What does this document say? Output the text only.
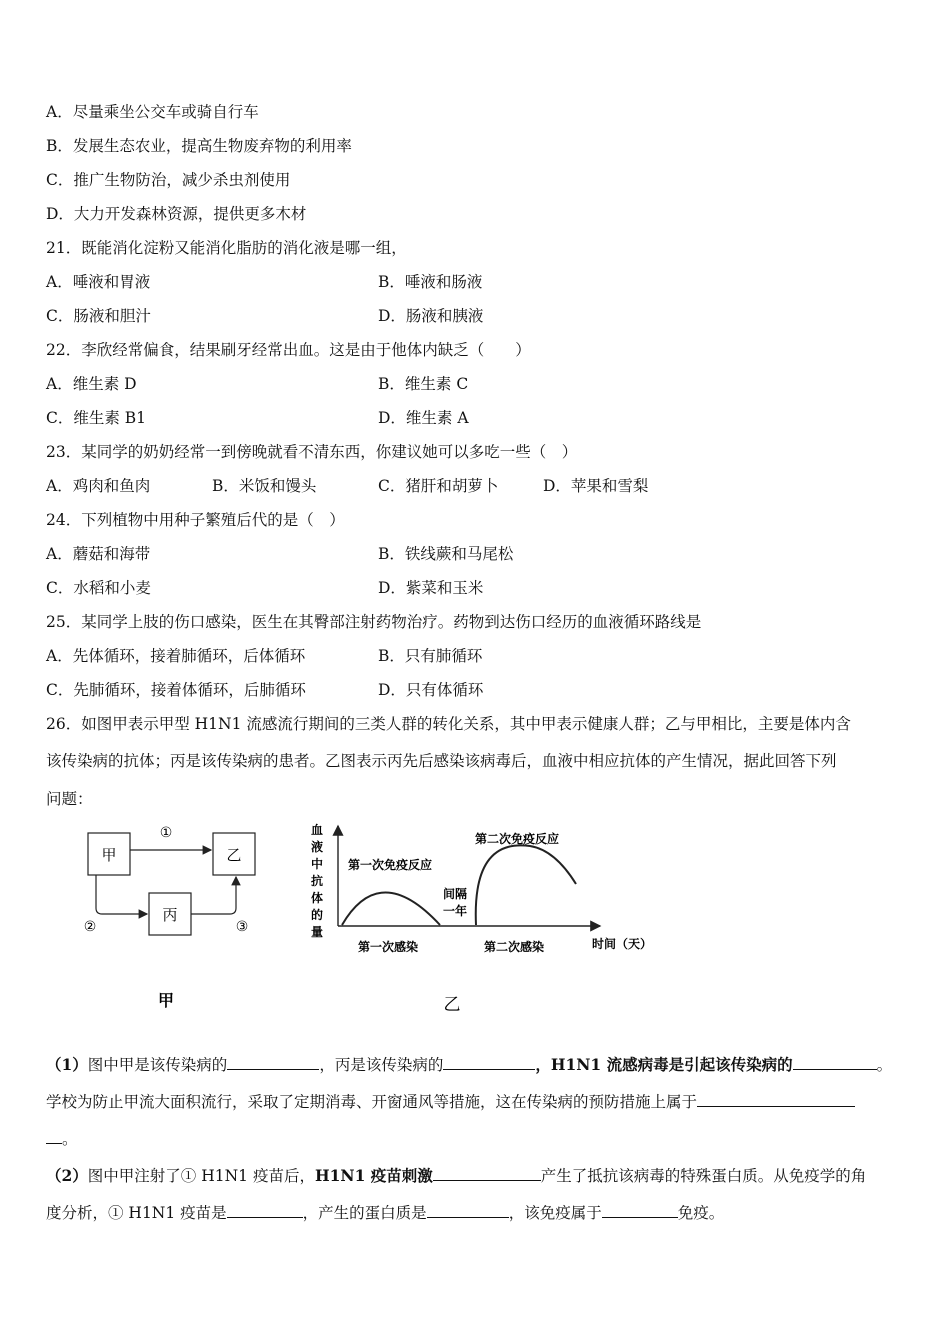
A．尽量乘坐公交车或骑自行车
B．发展生态农业，提高生物废弃物的利用率
C．推广生物防治，减少杀虫剂使用
D．大力开发森林资源，提供更多木材
21．既能消化淀粉又能消化脂肪的消化液是哪一组，
A．唾液和胃液	B．唾液和肠液
C．肠液和胆汁	D．肠液和胰液
22．李欣经常偏食，结果刷牙经常出血。这是由于他体内缺乏（　　）
A．维生素 D	B．维生素 C
C．维生素 B1	D．维生素 A
23．某同学的奶奶经常一到傍晚就看不清东西，你建议她可以多吃一些（　）
A．鸡肉和鱼肉	B．米饭和馒头	C．猪肝和胡萝卜	D．苹果和雪梨
24．下列植物中用种子繁殖后代的是（　）
A．蘑菇和海带	B．铁线蕨和马尾松
C．水稻和小麦	D．紫菜和玉米
25．某同学上肢的伤口感染，医生在其臀部注射药物治疗。药物到达伤口经历的血液循环路线是
A．先体循环，接着肺循环，后体循环	B．只有肺循环
C．先肺循环，接着体循环，后肺循环	D．只有体循环
26．如图甲表示甲型 H1N1 流感流行期间的三类人群的转化关系，其中甲表示健康人群；乙与甲相比，主要是体内含
该传染病的抗体；丙是该传染病的患者。乙图表示丙先后感染该病毒后，血液中相应抗体的产生情况，据此回答下列
问题：
甲	乙
丙
①
②	③
甲
血
液
中
抗
体
的
量
第一次免疫反应
第二次免疫反应
间隔
一年
第一次感染	第二次感染	时间（天）
乙
（1）图中甲是该传染病的	，丙是该传染病的	，H1N1 流感病毒是引起该传染病的	。
学校为防止甲流大面积流行，采取了定期消毒、开窗通风等措施，这在传染病的预防措施上属于
。
（2）图中甲注射了① H1N1 疫苗后，H1N1 疫苗刺激	产生了抵抗该病毒的特殊蛋白质。从免疫学的角
度分析，① H1N1 疫苗是	，产生的蛋白质是	，该免疫属于	免疫。
